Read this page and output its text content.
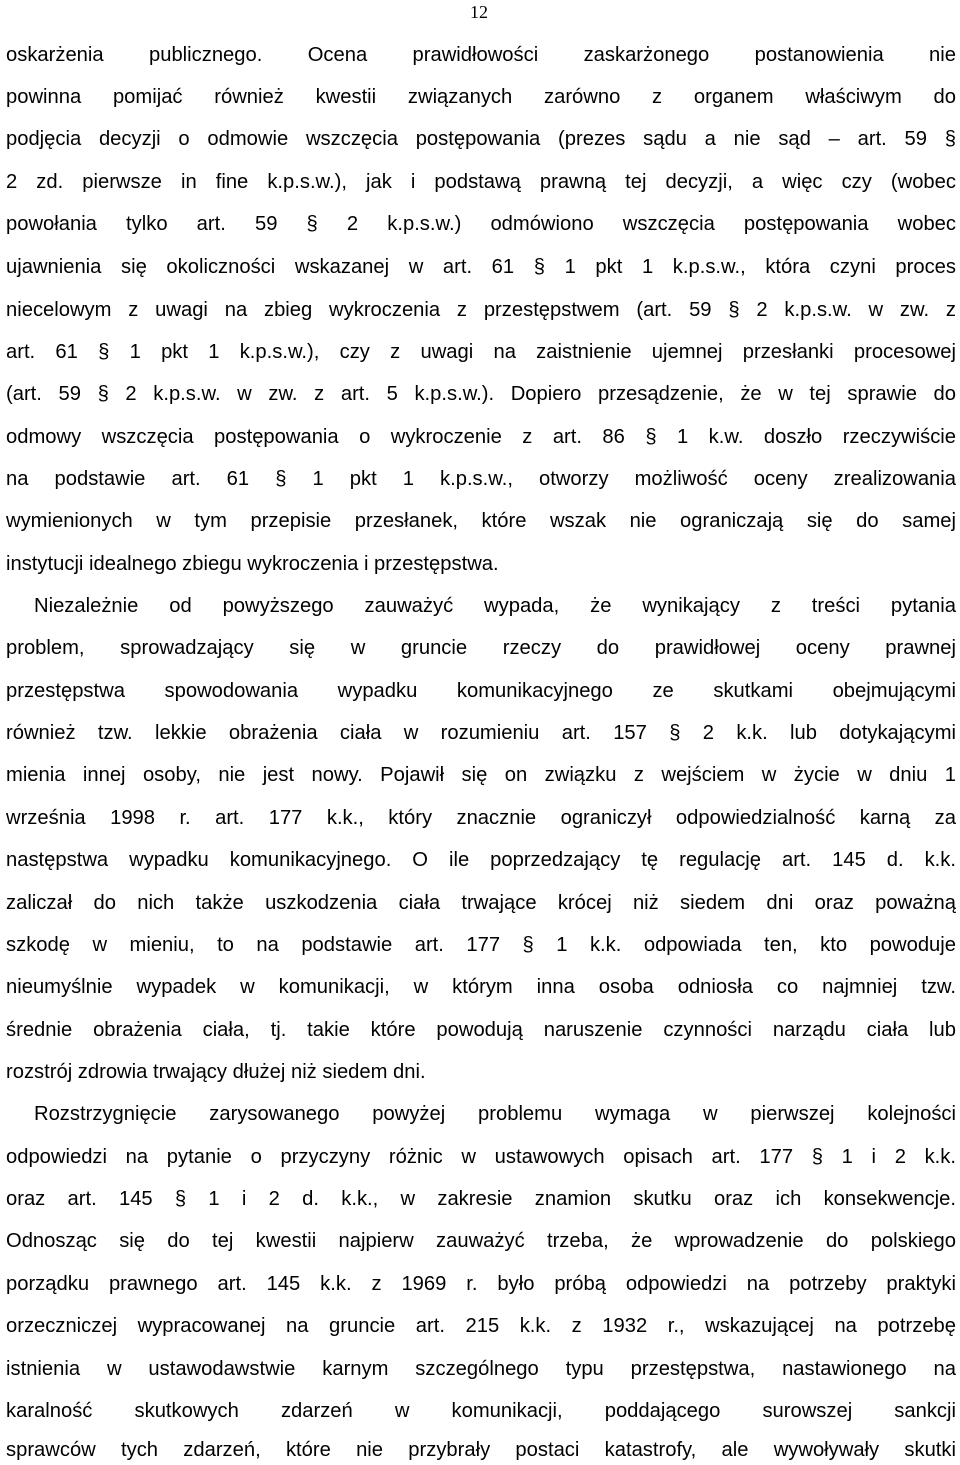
12
oskarżenia publicznego. Ocena prawidłowości zaskarżonego postanowienia nie
powinna pomijać również kwestii związanych zarówno z organem właściwym do
podjęcia decyzji o odmowie wszczęcia postępowania (prezes sądu a nie sąd – art. 59 §
2 zd. pierwsze in fine k.p.s.w.), jak i podstawą prawną tej decyzji, a więc czy (wobec
powołania tylko art. 59 § 2 k.p.s.w.) odmówiono wszczęcia postępowania wobec
ujawnienia się okoliczności wskazanej w art. 61 § 1 pkt 1 k.p.s.w., która czyni proces
niecelowym z uwagi na zbieg wykroczenia z przestępstwem (art. 59 § 2 k.p.s.w. w zw. z
art. 61 § 1 pkt 1 k.p.s.w.), czy z uwagi na zaistnienie ujemnej przesłanki procesowej
(art. 59 § 2 k.p.s.w. w zw. z art. 5 k.p.s.w.). Dopiero przesądzenie, że w tej sprawie do
odmowy wszczęcia postępowania o wykroczenie z art. 86 § 1 k.w. doszło rzeczywiście
na podstawie art. 61 § 1 pkt 1 k.p.s.w., otworzy możliwość oceny zrealizowania
wymienionych w tym przepisie przesłanek, które wszak nie ograniczają się do samej
instytucji idealnego zbiegu wykroczenia i przestępstwa.
Niezależnie od powyższego zauważyć wypada, że wynikający z treści pytania
problem, sprowadzający się w gruncie rzeczy do prawidłowej oceny prawnej
przestępstwa spowodowania wypadku komunikacyjnego ze skutkami obejmującymi
również tzw. lekkie obrażenia ciała w rozumieniu art. 157 § 2 k.k. lub dotykającymi
mienia innej osoby, nie jest nowy. Pojawił się on związku z wejściem w życie w dniu 1
września 1998 r. art. 177 k.k., który znacznie ograniczył odpowiedzialność karną za
następstwa wypadku komunikacyjnego. O ile poprzedzający tę regulację art. 145 d. k.k.
zaliczał do nich także uszkodzenia ciała trwające krócej niż siedem dni oraz poważną
szkodę w mieniu, to na podstawie art. 177 § 1 k.k. odpowiada ten, kto powoduje
nieumyślnie wypadek w komunikacji, w którym inna osoba odniosła co najmniej tzw.
średnie obrażenia ciała, tj. takie które powodują naruszenie czynności narządu ciała lub
rozstrój zdrowia trwający dłużej niż siedem dni.
Rozstrzygnięcie zarysowanego powyżej problemu wymaga w pierwszej kolejności
odpowiedzi na pytanie o przyczyny różnic w ustawowych opisach art. 177 § 1 i 2 k.k.
oraz art. 145 § 1 i 2 d. k.k., w zakresie znamion skutku oraz ich konsekwencje.
Odnosząc się do tej kwestii najpierw zauważyć trzeba, że wprowadzenie do polskiego
porządku prawnego art. 145 k.k. z 1969 r. było próbą odpowiedzi na potrzeby praktyki
orzeczniczej wypracowanej na gruncie art. 215 k.k. z 1932 r., wskazującej na potrzebę
istnienia w ustawodawstwie karnym szczególnego typu przestępstwa, nastawionego na
karalność skutkowych zdarzeń w komunikacji, poddającego surowszej sankcji
sprawców tych zdarzeń, które nie przybrały postaci katastrofy, ale wywoływały skutki
